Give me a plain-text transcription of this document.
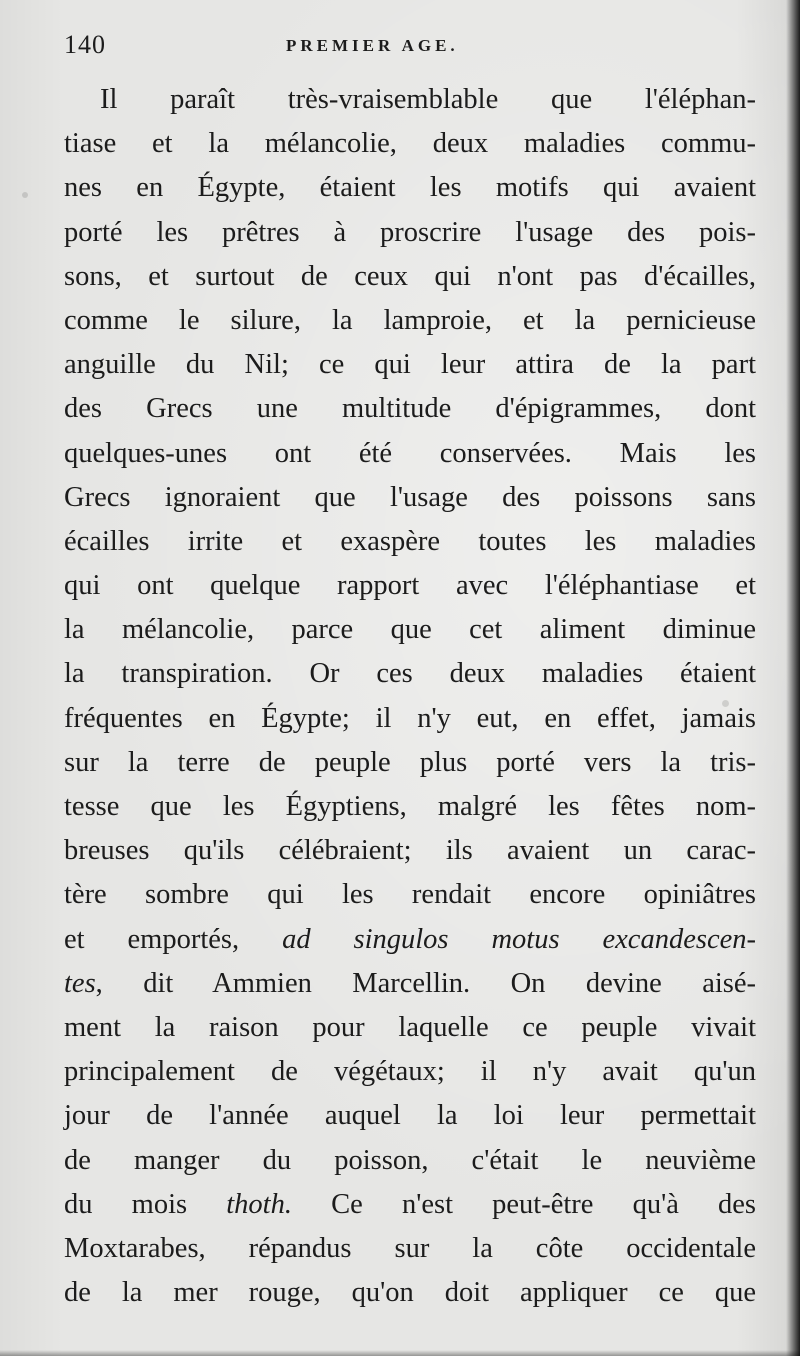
140	PREMIER AGE.
Il paraît très-vraisemblable que l'éléphan-
tiase et la mélancolie, deux maladies commu-
nes en Égypte, étaient les motifs qui avaient
porté les prêtres à proscrire l'usage des pois-
sons, et surtout de ceux qui n'ont pas d'écailles,
comme le silure, la lamproie, et la pernicieuse
anguille du Nil; ce qui leur attira de la part
des Grecs une multitude d'épigrammes, dont
quelques-unes ont été conservées. Mais les
Grecs ignoraient que l'usage des poissons sans
écailles irrite et exaspère toutes les maladies
qui ont quelque rapport avec l'éléphantiase et
la mélancolie, parce que cet aliment diminue
la transpiration. Or ces deux maladies étaient
fréquentes en Égypte; il n'y eut, en effet, jamais
sur la terre de peuple plus porté vers la tris-
tesse que les Égyptiens, malgré les fêtes nom-
breuses qu'ils célébraient; ils avaient un carac-
tère sombre qui les rendait encore opiniâtres
et emportés, ad singulos motus excandescen-
tes, dit Ammien Marcellin. On devine aisé-
ment la raison pour laquelle ce peuple vivait
principalement de végétaux; il n'y avait qu'un
jour de l'année auquel la loi leur permettait
de manger du poisson, c'était le neuvième
du mois thoth. Ce n'est peut-être qu'à des
Moxtarabes, répandus sur la côte occidentale
de la mer rouge, qu'on doit appliquer ce que
